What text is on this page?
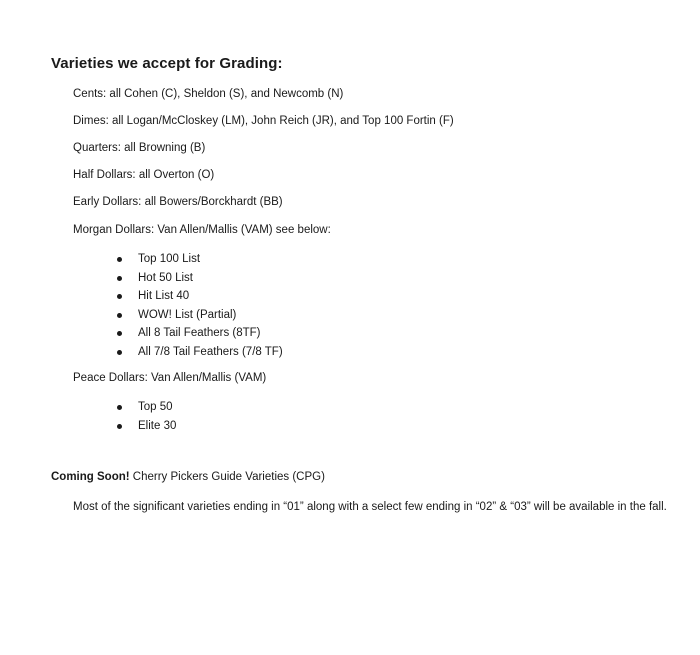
Varieties we accept for Grading:
Cents: all Cohen (C), Sheldon (S), and Newcomb (N)
Dimes: all Logan/McCloskey (LM), John Reich (JR), and Top 100 Fortin (F)
Quarters: all Browning (B)
Half Dollars: all Overton (O)
Early Dollars: all Bowers/Borckhardt (BB)
Morgan Dollars: Van Allen/Mallis (VAM) see below:
Top 100 List
Hot 50 List
Hit List 40
WOW! List (Partial)
All 8 Tail Feathers (8TF)
All 7/8 Tail Feathers (7/8 TF)
Peace Dollars: Van Allen/Mallis (VAM)
Top 50
Elite 30
Coming Soon! Cherry Pickers Guide Varieties (CPG)
Most of the significant varieties ending in “01” along with a select few ending in “02” & “03” will be available in the fall.
